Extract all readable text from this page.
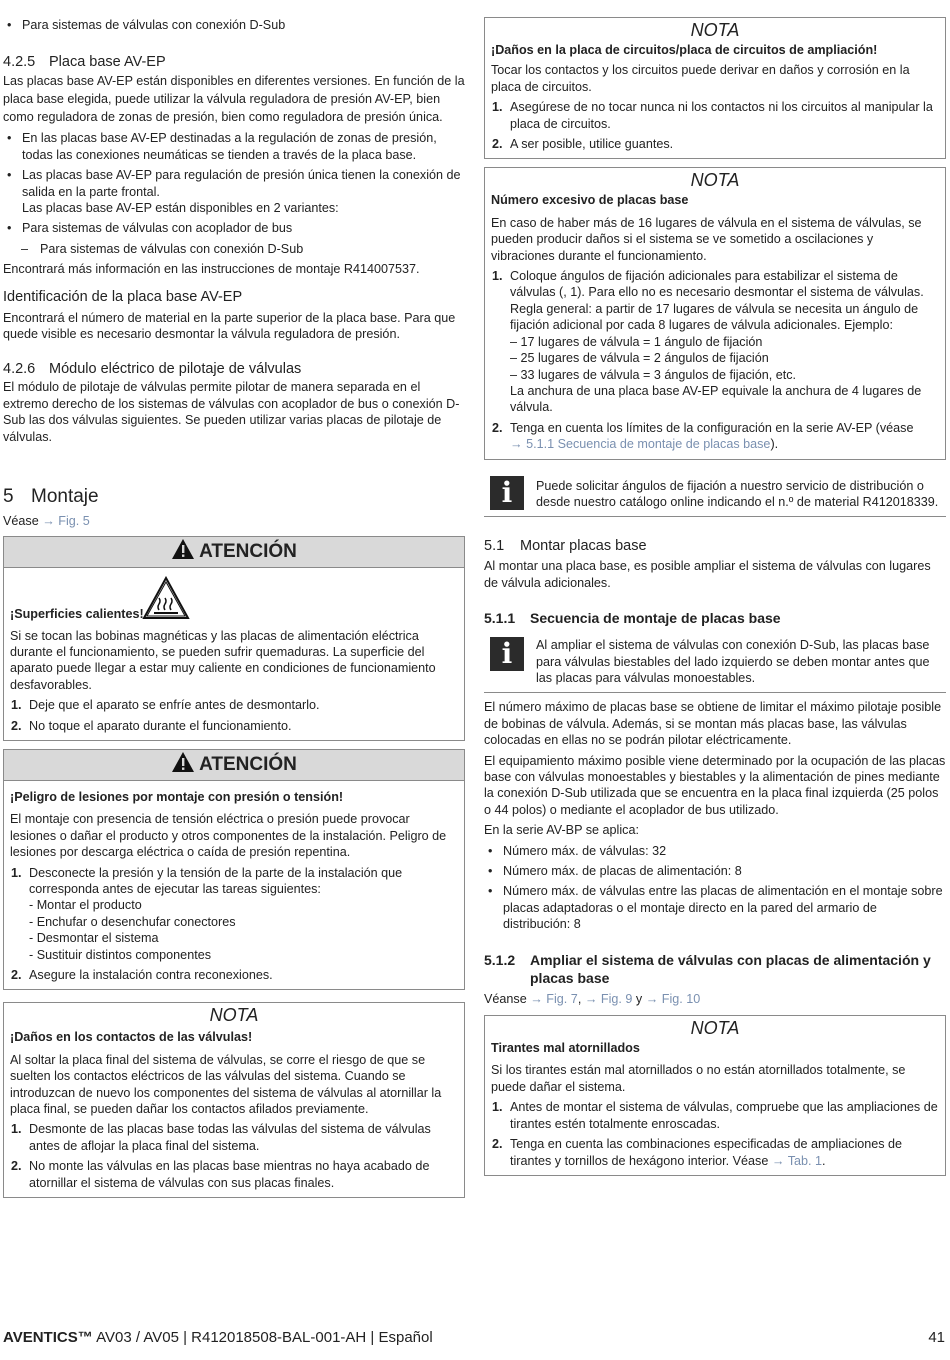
• Para sistemas de válvulas con conexión D-Sub
4.2.5 Placa base AV-EP

Las placas base AV-EP están disponibles en diferentes versiones. En función de la placa base elegida, puede utilizar la válvula reguladora de presión AV-EP, bien como reguladora de zonas de presión, bien como reguladora de presión única.

• En las placas base AV-EP destinadas a la regulación de zonas de presión, todas las conexiones neumáticas se tienden a través de la placa base.
• Las placas base AV-EP para regulación de presión única tienen la conexión de salida en la parte frontal.

Las placas base AV-EP están disponibles en 2 variantes:

• Para sistemas de válvulas con acoplador de bus
– Para sistemas de válvulas con conexión D-Sub

Encontrará más información en las instrucciones de montaje R414007537.

Identificación de la placa base AV-EP

Encontrará el número de material en la parte superior de la placa base. Para que quede visible es necesario desmontar la válvula reguladora de presión.

4.2.6 Módulo eléctrico de pilotaje de válvulas

El módulo de pilotaje de válvulas permite pilotar de manera separada en el extremo derecho de los sistemas de válvulas con acoplador de bus o conexión D-Sub las dos válvulas siguientes. Se pueden utilizar varias placas de pilotaje de válvulas.

5 Montaje

Véase → Fig. 5

ATENCIÓN
¡Superficies calientes!

Si se tocan las bobinas magnéticas y las placas de alimentación eléctrica durante el funcionamiento, se pueden sufrir quemaduras. La superficie del aparato puede llegar a estar muy caliente en condiciones de funcionamiento desfavorables.

1. Deje que el aparato se enfríe antes de desmontarlo.
2. No toque el aparato durante el funcionamiento.
ATENCIÓN

¡Peligro de lesiones por montaje con presión o tensión!

El montaje con presencia de tensión eléctrica o presión puede provocar lesiones o dañar el producto y otros componentes de la instalación. Peligro de lesiones por descarga eléctrica o caída de presión repentina.

1. Desconecte la presión y la tensión de la parte de la instalación que corresponda antes de ejecutar las tareas siguientes:
- Montar el producto
- Enchufar o desenchufar conectores
- Desmontar el sistema
- Sustituir distintos componentes
2. Asegure la instalación contra reconexiones.
NOTA

¡Daños en los contactos de las válvulas!

Al soltar la placa final del sistema de válvulas, se corre el riesgo de que se suelten los contactos eléctricos de las válvulas del sistema. Cuando se introduzcan de nuevo los componentes del sistema de válvulas al atornillar la placa final, se pueden dañar los contactos afilados previamente.

1. Desmonte de las placas base todas las válvulas del sistema de válvulas antes de aflojar la placa final del sistema.
2. No monte las válvulas en las placas base mientras no haya acabado de atornillar el sistema de válvulas con sus placas finales.
NOTA

¡Daños en la placa de circuitos/placa de circuitos de ampliación!

Tocar los contactos y los circuitos puede derivar en daños y corrosión en la placa de circuitos.

1. Asegúrese de no tocar nunca ni los contactos ni los circuitos al manipular la placa de circuitos.
2. A ser posible, utilice guantes.
NOTA

Número excesivo de placas base

En caso de haber más de 16 lugares de válvula en el sistema de válvulas, se pueden producir daños si el sistema se ve sometido a oscilaciones y vibraciones durante el funcionamiento.

1. Coloque ángulos de fijación adicionales para estabilizar el sistema de válvulas (, 1). Para ello no es necesario desmontar el sistema de válvulas.
Regla general: a partir de 17 lugares de válvula se necesita un ángulo de fijación adicional por cada 8 lugares de válvula adicionales. Ejemplo:
– 17 lugares de válvula = 1 ángulo de fijación
– 25 lugares de válvula = 2 ángulos de fijación
– 33 lugares de válvula = 3 ángulos de fijación, etc.
La anchura de una placa base AV-EP equivale la anchura de 4 lugares de válvula.
2. Tenga en cuenta los límites de la configuración en la serie AV-EP (véase
→ 5.1.1 Secuencia de montaje de placas base).
i	Puede solicitar ángulos de fijación a nuestro servicio de distribución o desde nuestro catálogo online indicando el n.º de material R412018339.

5.1 Montar placas base

Al montar una placa base, es posible ampliar el sistema de válvulas con lugares de válvula adicionales.

5.1.1 Secuencia de montaje de placas base
i	Al ampliar el sistema de válvulas con conexión D-Sub, las placas base para válvulas biestables del lado izquierdo se deben montar antes que las placas para válvulas monoestables.

El número máximo de placas base se obtiene de limitar el máximo pilotaje posible de bobinas de válvula. Además, si se montan más placas base, las válvulas colocadas en ellas no se podrán pilotar eléctricamente.

El equipamiento máximo posible viene determinado por la ocupación de las placas base con válvulas monoestables y biestables y la alimentación de pines mediante la conexión D-Sub utilizada que se encuentra en la placa final izquierda (25 polos o 44 polos) o mediante el acoplador de bus utilizado.

En la serie AV-BP se aplica:

• Número máx. de válvulas: 32
• Número máx. de placas de alimentación: 8
• Número máx. de válvulas entre las placas de alimentación en el montaje sobre placas adaptadoras o el montaje directo en la pared del armario de distribución: 8
5.1.2 Ampliar el sistema de válvulas con placas de alimentación y placas base

Véanse → Fig. 7, → Fig. 9 y → Fig. 10

NOTA

Tirantes mal atornillados

Si los tirantes están mal atornillados o no están atornillados totalmente, se puede dañar el sistema.

1. Antes de montar el sistema de válvulas, compruebe que las ampliaciones de tirantes estén totalmente enroscadas.
2. Tenga en cuenta las combinaciones especificadas de ampliaciones de tirantes y tornillos de hexágono interior. Véase → Tab. 1.
AVENTICS™ AV03 / AV05 | R412018508-BAL-001-AH | Español	41
